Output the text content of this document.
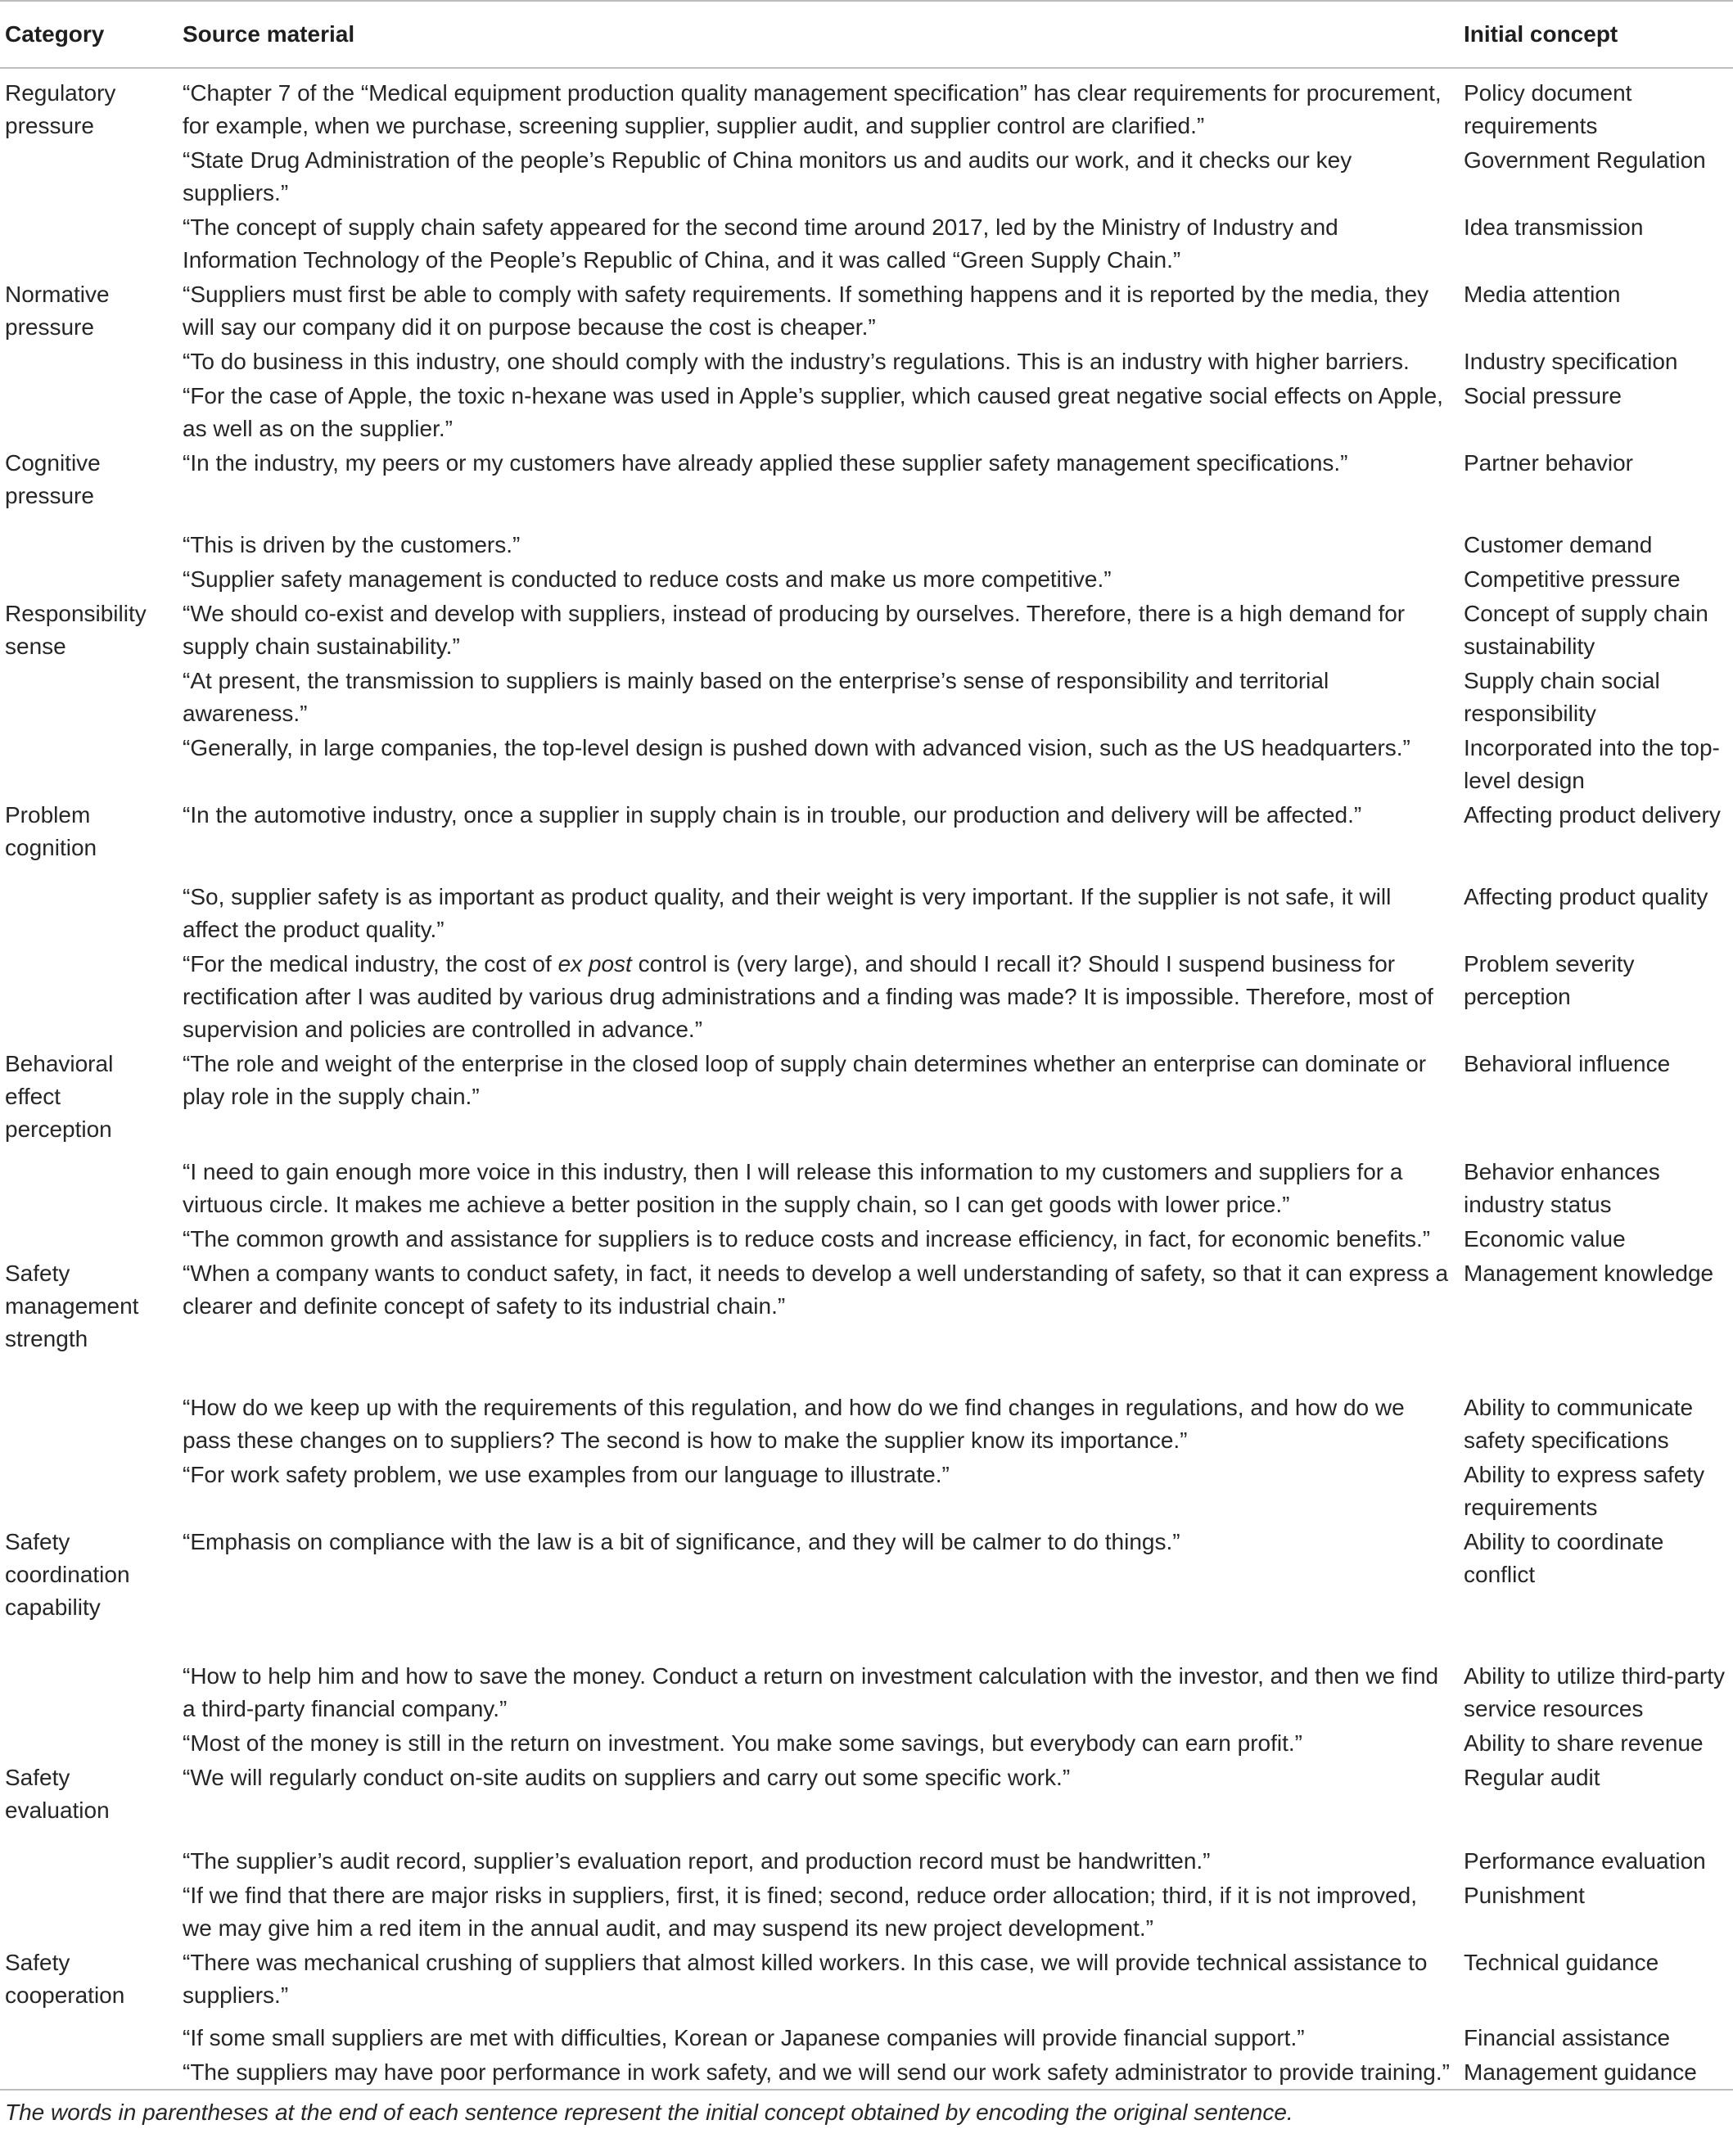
Category	Source material	Initial concept
Regulatory pressure	“Chapter 7 of the “Medical equipment production quality management specification” has clear requirements for procurement, for example, when we purchase, screening supplier, supplier audit, and supplier control are clarified.”	Policy document requirements
	“State Drug Administration of the people’s Republic of China monitors us and audits our work, and it checks our key suppliers.”	Government Regulation
	“The concept of supply chain safety appeared for the second time around 2017, led by the Ministry of Industry and Information Technology of the People’s Republic of China, and it was called “Green Supply Chain.”	Idea transmission
Normative pressure	“Suppliers must first be able to comply with safety requirements. If something happens and it is reported by the media, they will say our company did it on purpose because the cost is cheaper.”	Media attention
	“To do business in this industry, one should comply with the industry’s regulations. This is an industry with higher barriers.	Industry specification
	“For the case of Apple, the toxic n-hexane was used in Apple’s supplier, which caused great negative social effects on Apple, as well as on the supplier.”	Social pressure
Cognitive pressure	“In the industry, my peers or my customers have already applied these supplier safety management specifications.”	Partner behavior
	“This is driven by the customers.”	Customer demand
	“Supplier safety management is conducted to reduce costs and make us more competitive.”	Competitive pressure
Responsibility sense	“We should co-exist and develop with suppliers, instead of producing by ourselves. Therefore, there is a high demand for supply chain sustainability.”	Concept of supply chain sustainability
	“At present, the transmission to suppliers is mainly based on the enterprise’s sense of responsibility and territorial awareness.”	Supply chain social responsibility
	“Generally, in large companies, the top-level design is pushed down with advanced vision, such as the US headquarters.”	Incorporated into the top-level design
Problem cognition	“In the automotive industry, once a supplier in supply chain is in trouble, our production and delivery will be affected.”	Affecting product delivery
	“So, supplier safety is as important as product quality, and their weight is very important. If the supplier is not safe, it will affect the product quality.”	Affecting product quality
	“For the medical industry, the cost of ex post control is (very large), and should I recall it? Should I suspend business for rectification after I was audited by various drug administrations and a finding was made? It is impossible. Therefore, most of supervision and policies are controlled in advance.”	Problem severity perception
Behavioral effect perception	“The role and weight of the enterprise in the closed loop of supply chain determines whether an enterprise can dominate or play role in the supply chain.”	Behavioral influence
	“I need to gain enough more voice in this industry, then I will release this information to my customers and suppliers for a virtuous circle. It makes me achieve a better position in the supply chain, so I can get goods with lower price.”	Behavior enhances industry status
	“The common growth and assistance for suppliers is to reduce costs and increase efficiency, in fact, for economic benefits.”	Economic value
Safety management strength	“When a company wants to conduct safety, in fact, it needs to develop a well understanding of safety, so that it can express a clearer and definite concept of safety to its industrial chain.”	Management knowledge
	“How do we keep up with the requirements of this regulation, and how do we find changes in regulations, and how do we pass these changes on to suppliers? The second is how to make the supplier know its importance.”	Ability to communicate safety specifications
	“For work safety problem, we use examples from our language to illustrate.”	Ability to express safety requirements
Safety coordination capability	“Emphasis on compliance with the law is a bit of significance, and they will be calmer to do things.”	Ability to coordinate conflict
	“How to help him and how to save the money. Conduct a return on investment calculation with the investor, and then we find a third-party financial company.”	Ability to utilize third-party service resources
	“Most of the money is still in the return on investment. You make some savings, but everybody can earn profit.”	Ability to share revenue
Safety evaluation	“We will regularly conduct on-site audits on suppliers and carry out some specific work.”	Regular audit
	“The supplier’s audit record, supplier’s evaluation report, and production record must be handwritten.”	Performance evaluation
	“If we find that there are major risks in suppliers, first, it is fined; second, reduce order allocation; third, if it is not improved, we may give him a red item in the annual audit, and may suspend its new project development.”	Punishment
Safety cooperation	“There was mechanical crushing of suppliers that almost killed workers. In this case, we will provide technical assistance to suppliers.”	Technical guidance
	“If some small suppliers are met with difficulties, Korean or Japanese companies will provide financial support.”	Financial assistance
	“The suppliers may have poor performance in work safety, and we will send our work safety administrator to provide training.”	Management guidance
The words in parentheses at the end of each sentence represent the initial concept obtained by encoding the original sentence.
